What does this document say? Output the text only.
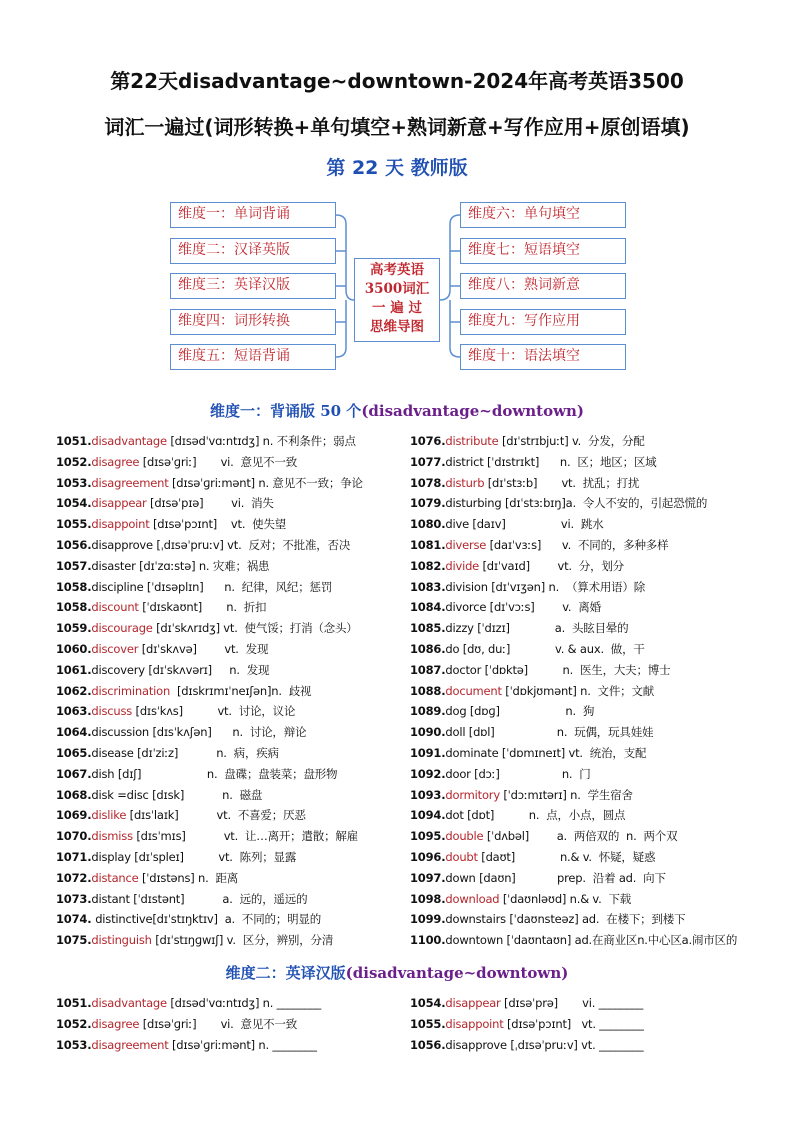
第22天disadvantage~downtown-2024年高考英语3500
词汇一遍过(词形转换+单句填空+熟词新意+写作应用+原创语填)
第 22 天 教师版
维度一：单词背诵
维度二：汉译英版
维度三：英译汉版
维度四：词形转换
维度五：短语背诵
高考英语
3500词汇
一 遍 过
思维导图
维度六：单句填空
维度七：短语填空
维度八：熟词新意
维度九：写作应用
维度十：语法填空
维度一：背诵版 50 个(disadvantage~downtown)
1051.disadvantage [dɪsədˈvɑːntɪdʒ] n. 不利条件；弱点
1052.disagree [dɪsəˈɡriː]       vi.  意见不一致
1053.disagreement [dɪsəˈɡriːmənt] n. 意见不一致；争论
1054.disappear [dɪsəˈpɪə]        vi.  消失
1055.disappoint [dɪsəˈpɔɪnt]    vt.  使失望
1056.disapprove [ˌdɪsəˈpruːv] vt.  反对；不批准，否决
1057.disaster [dɪˈzɑːstə] n. 灾难；祸患
1058.discipline [ˈdɪsəplɪn]      n.  纪律，风纪；惩罚
1058.discount [ˈdɪskaʊnt]       n.  折扣
1059.discourage [dɪˈskʌrɪdʒ] vt.  使气馁；打消（念头）
1060.discover [dɪˈskʌvə]        vt.  发现
1061.discovery [dɪˈskʌvərɪ]     n.  发现
1062.discrimination  [dɪskrɪmɪˈneɪʃən]n.  歧视
1063.discuss [dɪsˈkʌs]          vt.  讨论，议论
1064.discussion [dɪsˈkʌʃən]      n.  讨论，辩论
1065.disease [dɪˈziːz]           n.  病，疾病
1067.dish [dɪʃ]                   n.  盘碟；盘装菜；盘形物
1068.disk =disc [dɪsk]           n.  磁盘
1069.dislike [dɪsˈlaɪk]           vt.  不喜爱；厌恶
1070.dismiss [dɪsˈmɪs]           vt.  让…离开；遣散；解雇
1071.display [dɪˈspleɪ]          vt.  陈列；显露
1072.distance [ˈdɪstəns] n.  距离
1073.distant [ˈdɪstənt]           a.  远的，遥远的
1074. distinctive[dɪˈstɪŋktɪv]  a.  不同的；明显的
1075.distinguish [dɪˈstɪŋɡwɪʃ] v.  区分，辨别，分清
1076.distribute [dɪˈstrɪbjuːt] v.  分发，分配
1077.district [ˈdɪstrɪkt]      n.  区；地区；区域
1078.disturb [dɪˈstɜːb]       vt.  扰乱；打扰
1079.disturbing [dɪˈstɜːbɪŋ]a.  令人不安的，引起恐慌的
1080.dive [daɪv]                vi.  跳水
1081.diverse [daɪˈvɜːs]      v.  不同的，多种多样
1082.divide [dɪˈvaɪd]        vt.  分，划分
1083.division [dɪˈvɪʒən] n.  （算术用语）除
1084.divorce [dɪˈvɔːs]        v.  离婚
1085.dizzy [ˈdɪzɪ]             a.  头眩目晕的
1086.do [dʊ, duː]             v. & aux.  做，干
1087.doctor [ˈdɒktə]          n.  医生，大夫；博士
1088.document [ˈdɒkjʊmənt] n.  文件；文献
1089.dog [dɒɡ]                   n.  狗
1090.doll [dɒl]                  n.  玩偶，玩具娃娃
1091.dominate [ˈdɒmɪneɪt] vt.  统治，支配
1092.door [dɔː]                  n.  门
1093.dormitory [ˈdɔːmɪtərɪ] n.  学生宿舍
1094.dot [dɒt]          n.  点，小点，圆点
1095.double [ˈdʌbəl]        a.  两倍双的  n.  两个双
1096.doubt [daʊt]             n.& v.  怀疑，疑惑
1097.down [daʊn]            prep.  沿着 ad.  向下
1098.download [ˈdaʊnləʊd] n.& v.  下载
1099.downstairs [ˈdaʊnsteəz] ad.  在楼下；到楼下
1100.downtown [ˈdaʊntaʊn] ad.在商业区n.中心区a.闹市区的
维度二：英译汉版(disadvantage~downtown)
1051.disadvantage [dɪsədˈvɑːntɪdʒ] n. ________
1052.disagree [dɪsəˈɡriː]       vi.  意见不一致
1053.disagreement [dɪsəˈɡriːmənt] n. ________
1054.disappear [dɪsəˈprə]       vi. ________
1055.disappoint [dɪsəˈpɔɪnt]   vt. ________
1056.disapprove [ˌdɪsəˈpruːv] vt. ________
